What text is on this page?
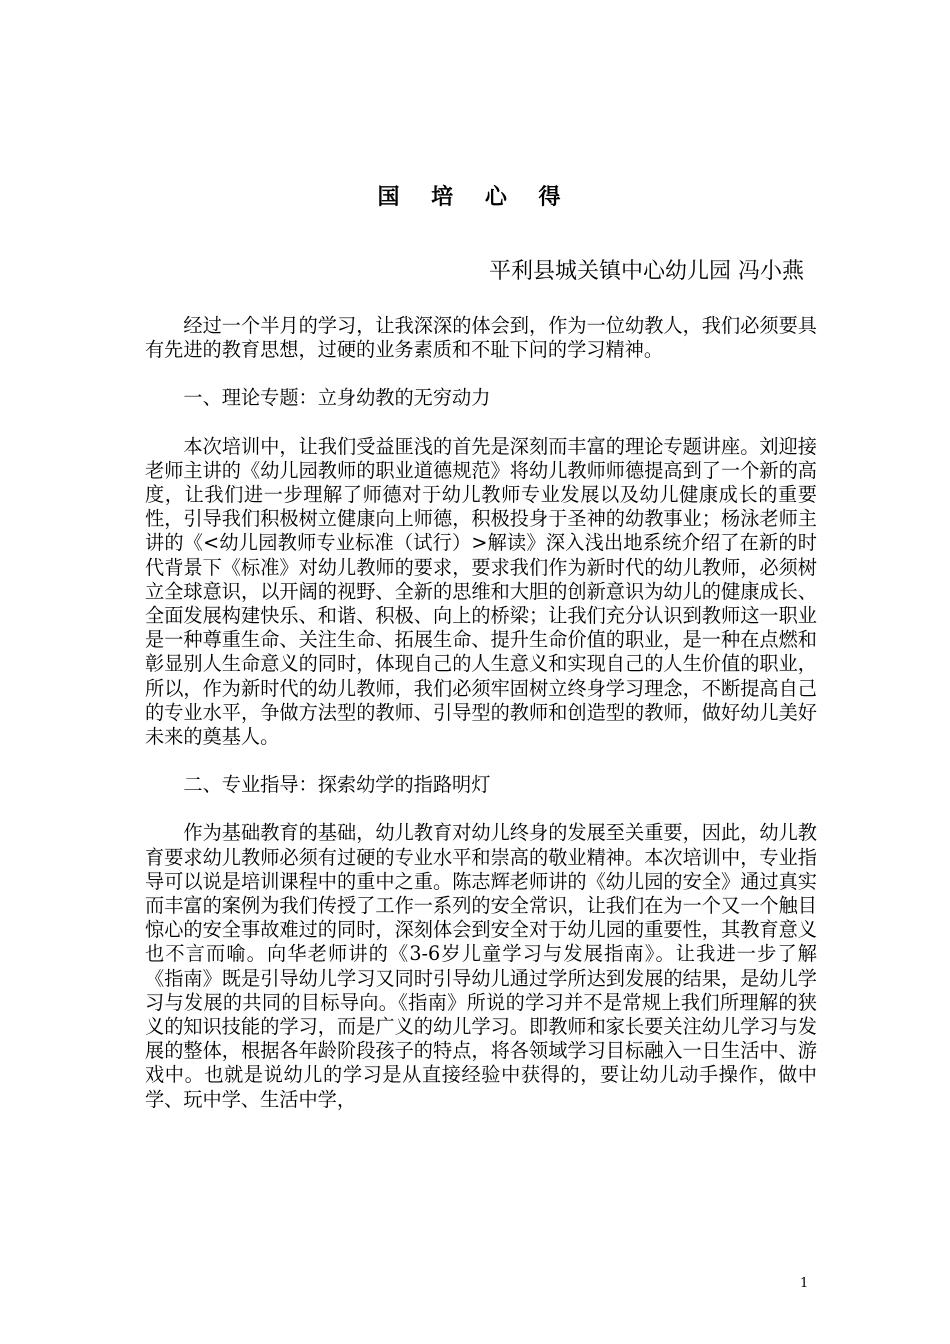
国 培 心 得
平利县城关镇中心幼儿园 冯小燕

经过一个半月的学习，让我深深的体会到，作为一位幼教人，我们必须要具有先进的教育思想，过硬的业务素质和不耻下问的学习精神。

一、理论专题：立身幼教的无穷动力

本次培训中，让我们受益匪浅的首先是深刻而丰富的理论专题讲座。刘迎接老师主讲的《幼儿园教师的职业道德规范》将幼儿教师师德提高到了一个新的高度，让我们进一步理解了师德对于幼儿教师专业发展以及幼儿健康成长的重要性，引导我们积极树立健康向上师德，积极投身于圣神的幼教事业；杨泳老师主讲的《<幼儿园教师专业标准（试行）>解读》深入浅出地系统介绍了在新的时代背景下《标准》对幼儿教师的要求，要求我们作为新时代的幼儿教师，必须树立全球意识，以开阔的视野、全新的思维和大胆的创新意识为幼儿的健康成长、全面发展构建快乐、和谐、积极、向上的桥梁；让我们充分认识到教师这一职业是一种尊重生命、关注生命、拓展生命、提升生命价值的职业，是一种在点燃和彰显别人生命意义的同时，体现自己的人生意义和实现自己的人生价值的职业，所以，作为新时代的幼儿教师，我们必须牢固树立终身学习理念，不断提高自己的专业水平，争做方法型的教师、引导型的教师和创造型的教师，做好幼儿美好未来的奠基人。

二、专业指导：探索幼学的指路明灯

作为基础教育的基础，幼儿教育对幼儿终身的发展至关重要，因此，幼儿教育要求幼儿教师必须有过硬的专业水平和崇高的敬业精神。本次培训中，专业指导可以说是培训课程中的重中之重。陈志辉老师讲的《幼儿园的安全》通过真实而丰富的案例为我们传授了工作一系列的安全常识，让我们在为一个又一个触目惊心的安全事故难过的同时，深刻体会到安全对于幼儿园的重要性，其教育意义也不言而喻。向华老师讲的《3-6岁儿童学习与发展指南》。让我进一步了解《指南》既是引导幼儿学习又同时引导幼儿通过学所达到发展的结果，是幼儿学习与发展的共同的目标导向。《指南》所说的学习并不是常规上我们所理解的狭义的知识技能的学习，而是广义的幼儿学习。即教师和家长要关注幼儿学习与发展的整体，根据各年龄阶段孩子的特点，将各领域学习目标融入一日生活中、游戏中。也就是说幼儿的学习是从直接经验中获得的，要让幼儿动手操作，做中学、玩中学、生活中学，

1
